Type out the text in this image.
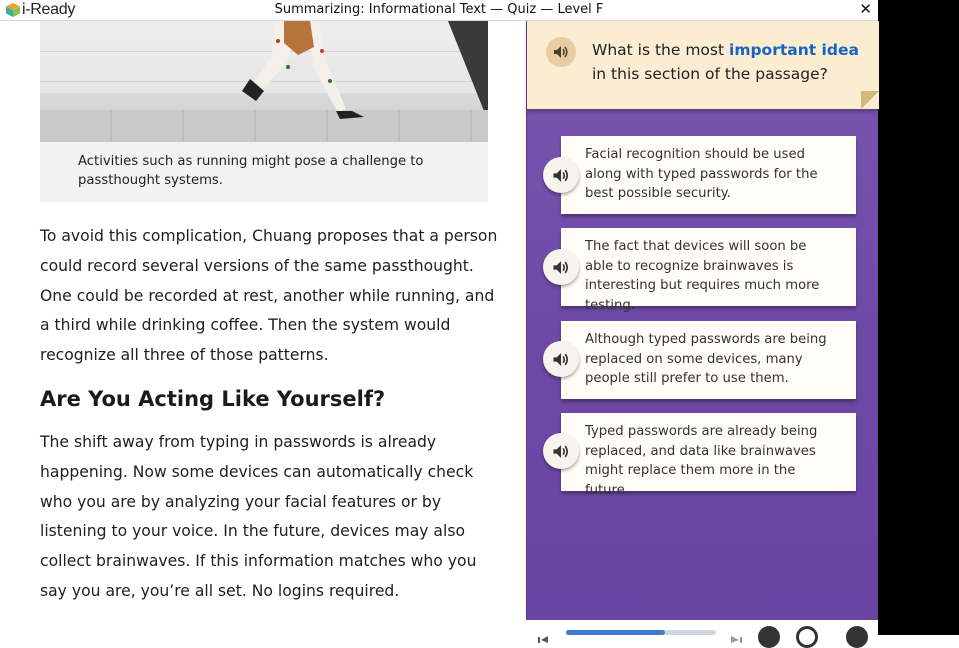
i-Ready	Summarizing: Informational Text — Quiz — Level F	✕
Activities such as running might pose a challenge to passthought systems.

To avoid this complication, Chuang proposes that a person could record several versions of the same passthought. One could be recorded at rest, another while running, and a third while drinking coffee. Then the system would recognize all three of those patterns.

Are You Acting Like Yourself?

The shift away from typing in passwords is already happening. Now some devices can automatically check who you are by analyzing your facial features or by listening to your voice. In the future, devices may also collect brainwaves. If this information matches who you say you are, you’re all set. No logins required.

What is the most important idea in this section of the passage?
Facial recognition should be used along with typed passwords for the best possible security.
The fact that devices will soon be able to recognize brainwaves is interesting but requires much more testing.
Although typed passwords are being replaced on some devices, many people still prefer to use them.
Typed passwords are already being replaced, and data like brainwaves might replace them more in the future.
